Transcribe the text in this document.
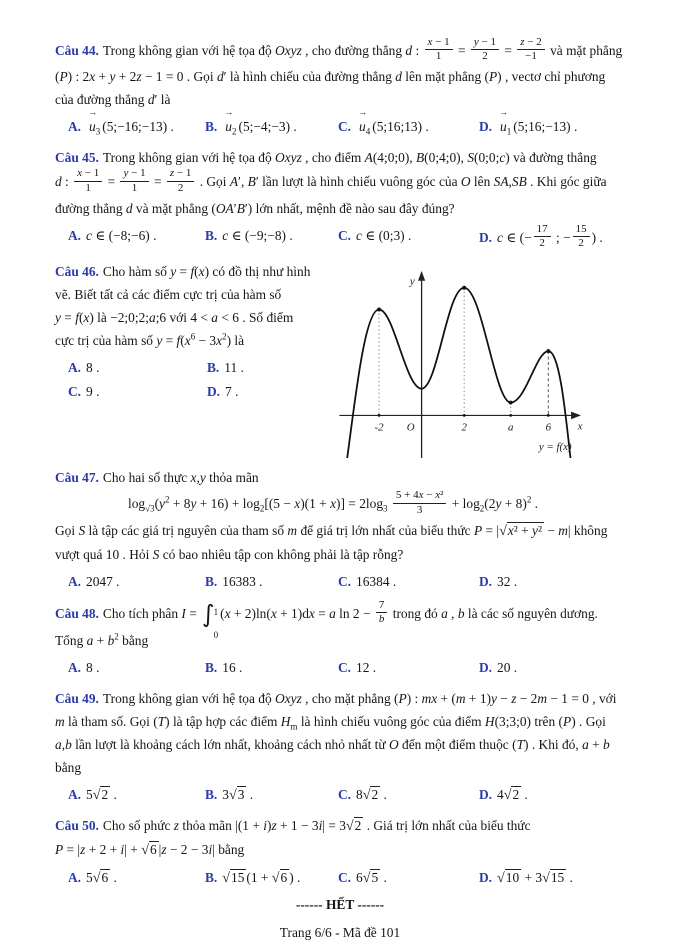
Câu 44. Trong không gian với hệ tọa độ Oxyz , cho đường thẳng d : $\frac{x - 1}{1} = \frac{y - 1}{2} = \frac{z - 2}{-1}$ và mặt phẳng
(P) : 2x + y + 2z − 1 = 0 . Gọi d′ là hình chiếu của đường thẳng d lên mặt phẳng (P) , vectơ chỉ phương
của đường thẳng d′ là
A.
→
$u_3$ (5;−16;−13) .	B.
→
$u_2$ (5;−4;−3) .	C.
→
$u_4$ (5;16;13) .	D.
→
$u_1$ (5;16;−13) .
Câu 45. Trong không gian với hệ tọa độ Oxyz , cho điểm A(4;0;0), B(0;4;0), S(0;0;c) và đường thẳng
d : $\frac{x - 1}{1} = \frac{y - 1}{1} = \frac{z - 1}{2}$ . Gọi A′, B′ lần lượt là hình chiếu vuông góc của O lên SA,SB . Khi góc giữa
đường thẳng d và mặt phẳng (OA′B′) lớn nhất, mệnh đề nào sau đây đúng?
A. c ∈ (−8;−6) .	B. c ∈ (−9;−8) .	C. c ∈ (0;3) .	D. c ∈ (− $\frac{17}{2}$ ; − $\frac{15}{2}$ ) .
Câu 46. Cho hàm số y = f(x) có đồ thị như hình
vẽ. Biết tất cả các điểm cực trị của hàm số
y = f(x) là −2;0;2;a;6 với 4 < a < 6 . Số điểm
cực trị của hàm số $y = f(x^6 - 3x^2)$ là
A. 8 .	B. 11 .
C. 9 .	D. 7 .
y
x
O
-2	2	a	6
y = f(x)
Câu 47. Cho hai số thực x,y thỏa mãn
$\log_{√3}(y^2 + 8y + 16) + \log_2[(5 - x)(1 + x)] = 2\log_3 \frac{\text{5 + 4x − x²}}{3} + \log_2(2y + 8)^2$ .
Gọi S là tập các giá trị nguyên của tham số m để giá trị lớn nhất của biểu thức P = |√x² + y² − m| không
vượt quá 10 . Hỏi S có bao nhiêu tập con không phải là tập rỗng?
A. 2047 .	B. 16383 .	C. 16384 .	D. 32 .
Câu 48. Cho tích phân I = ∫ 1
0
(x + 2)ln(x + 1)dx = a $\ln 2 - \frac{7}{b}$ trong đó a , b là các số nguyên dương.
Tổng $a + b^2$ bằng
A. 8 .	B. 16 .	C. 12 .	D. 20 .
Câu 49. Trong không gian với hệ tọa độ Oxyz , cho mặt phẳng (P) : mx + (m + 1)y − z − 2m − 1 = 0 , với
m là tham số. Gọi (T) là tập hợp các điểm $H_m$ là hình chiếu vuông góc của điểm H(3;3;0) trên (P) . Gọi
a,b lần lượt là khoảng cách lớn nhất, khoảng cách nhỏ nhất từ O đến một điểm thuộc (T) . Khi đó, a + b bằng
A. 5√2 .	B. 3√3 .	C. 8√2 .	D. 4√2 .
Câu 50. Cho số phức z thỏa mãn |(1 + i)z + 1 − 3i| = 3√2 . Giá trị lớn nhất của biểu thức
P = |z + 2 + i| + √6 |z − 2 − 3i| bằng
A. 5√6 .	B. √15 (1 + √6 ) .	C. 6√5 .	D. √10 + 3√15 .
------ HẾT ------
Trang 6/6 - Mã đề 101
